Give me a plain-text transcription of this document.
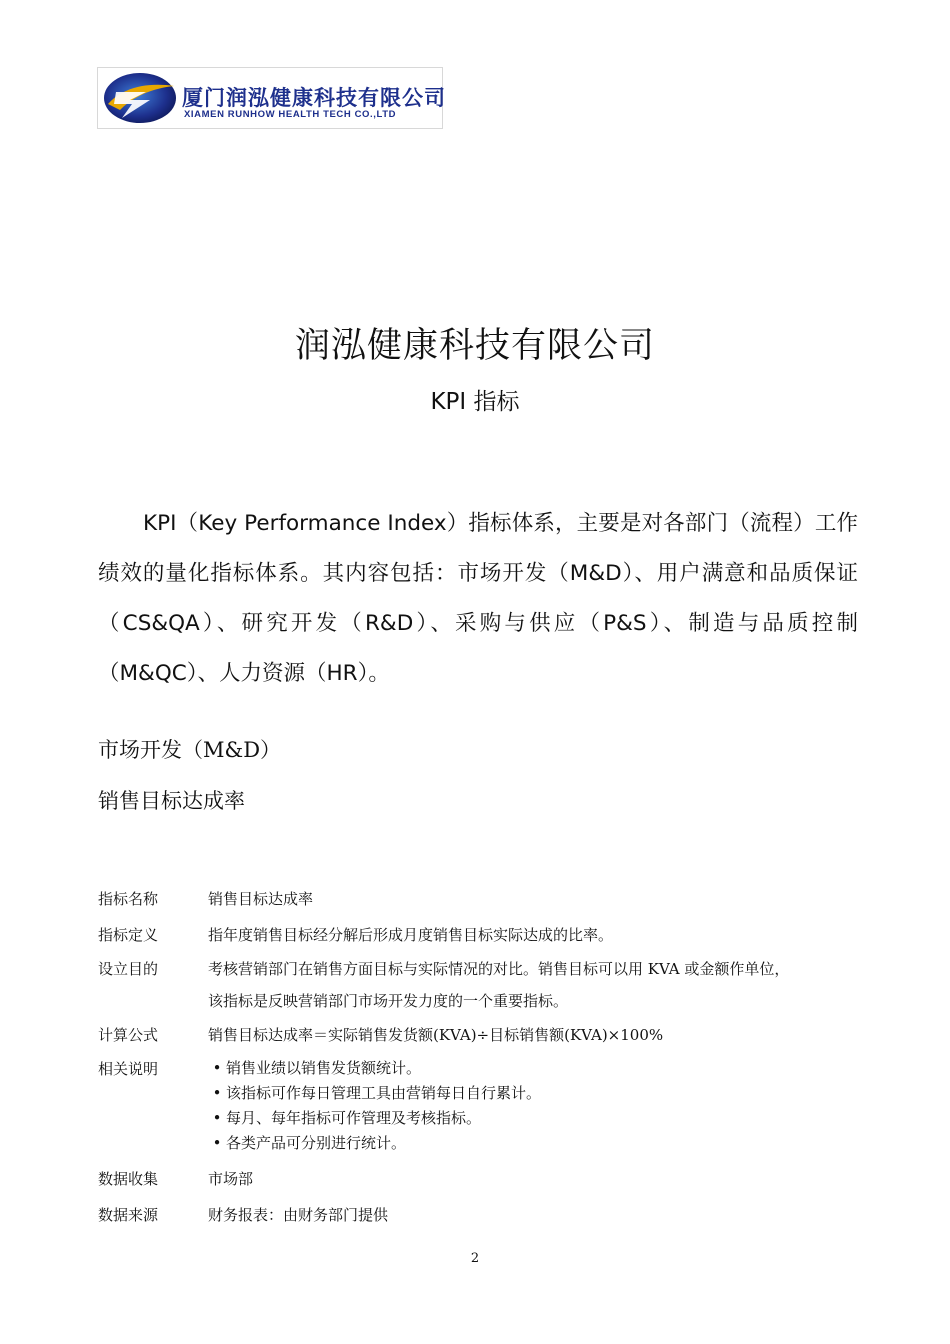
厦门润泓健康科技有限公司
XIAMEN RUNHOW HEALTH TECH CO.,LTD
润泓健康科技有限公司
KPI 指标

KPI（Key Performance Index）指标体系，主要是对各部门（流程）工作绩效的量化指标体系。其内容包括：市场开发（M&D）、用户满意和品质保证（CS&QA）、研究开发（R&D）、采购与供应（P&S）、制造与品质控制（M&QC）、人力资源（HR）。

市场开发（M&D）
销售目标达成率
指标名称	销售目标达成率
指标定义	指年度销售目标经分解后形成月度销售目标实际达成的比率。
设立目的	考核营销部门在销售方面目标与实际情况的对比。销售目标可以用 KVA 或金额作单位，该指标是反映营销部门市场开发力度的一个重要指标。
计算公式	销售目标达成率＝实际销售发货额(KVA)÷目标销售额(KVA)×100%
相关说明
•	销售业绩以销售发货额统计。
• 该指标可作每日管理工具由营销每日自行累计。
• 每月、每年指标可作管理及考核指标。
• 各类产品可分别进行统计。
数据收集	市场部
数据来源	财务报表：由财务部门提供
2
